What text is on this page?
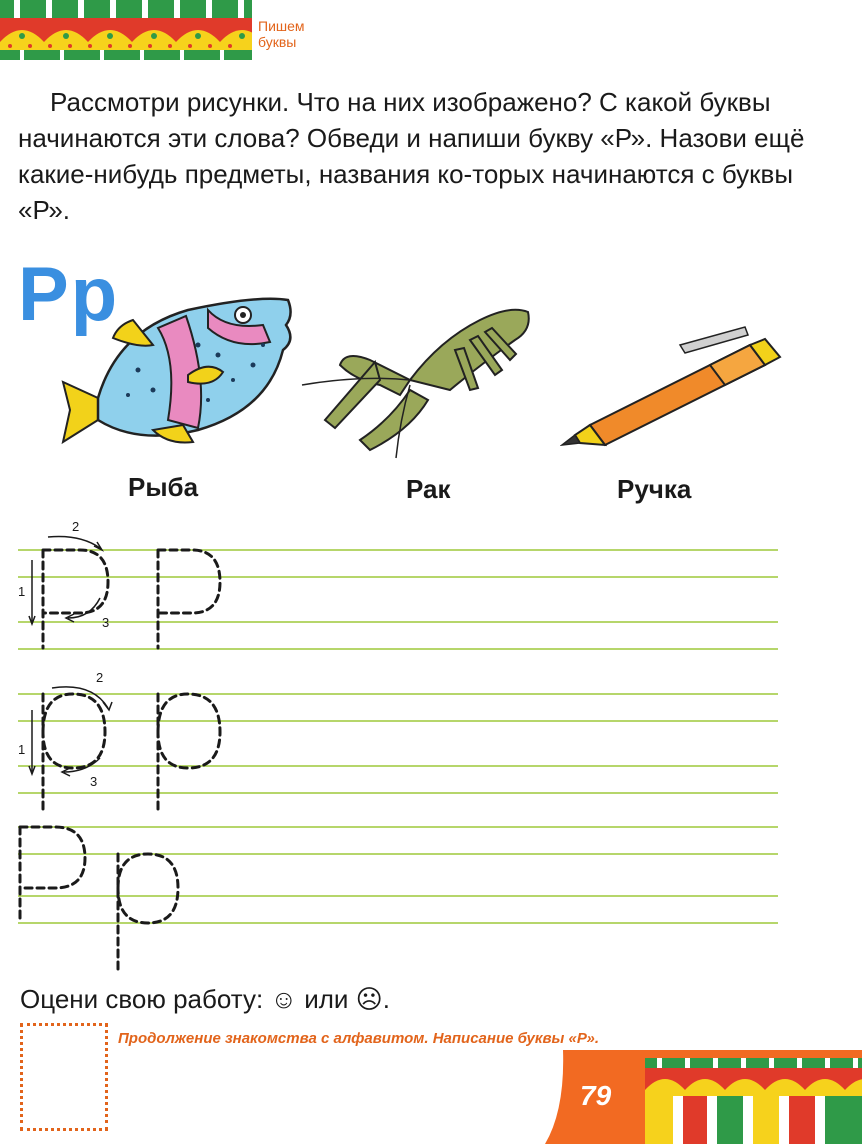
Пишем
буквы

Рассмотри рисунки. Что на них изображено? С какой буквы начинаются эти слова? Обведи и напиши букву «Р». Назови ещё какие-нибудь предметы, названия ко-торых начинаются с буквы «Р».

Рр
Рыба	Рак	Ручка
1
2
3
1
2
3
Оцени свою работу: ☺ или ☹.
Продолжение знакомства с алфавитом. Написание буквы «Р».
79
